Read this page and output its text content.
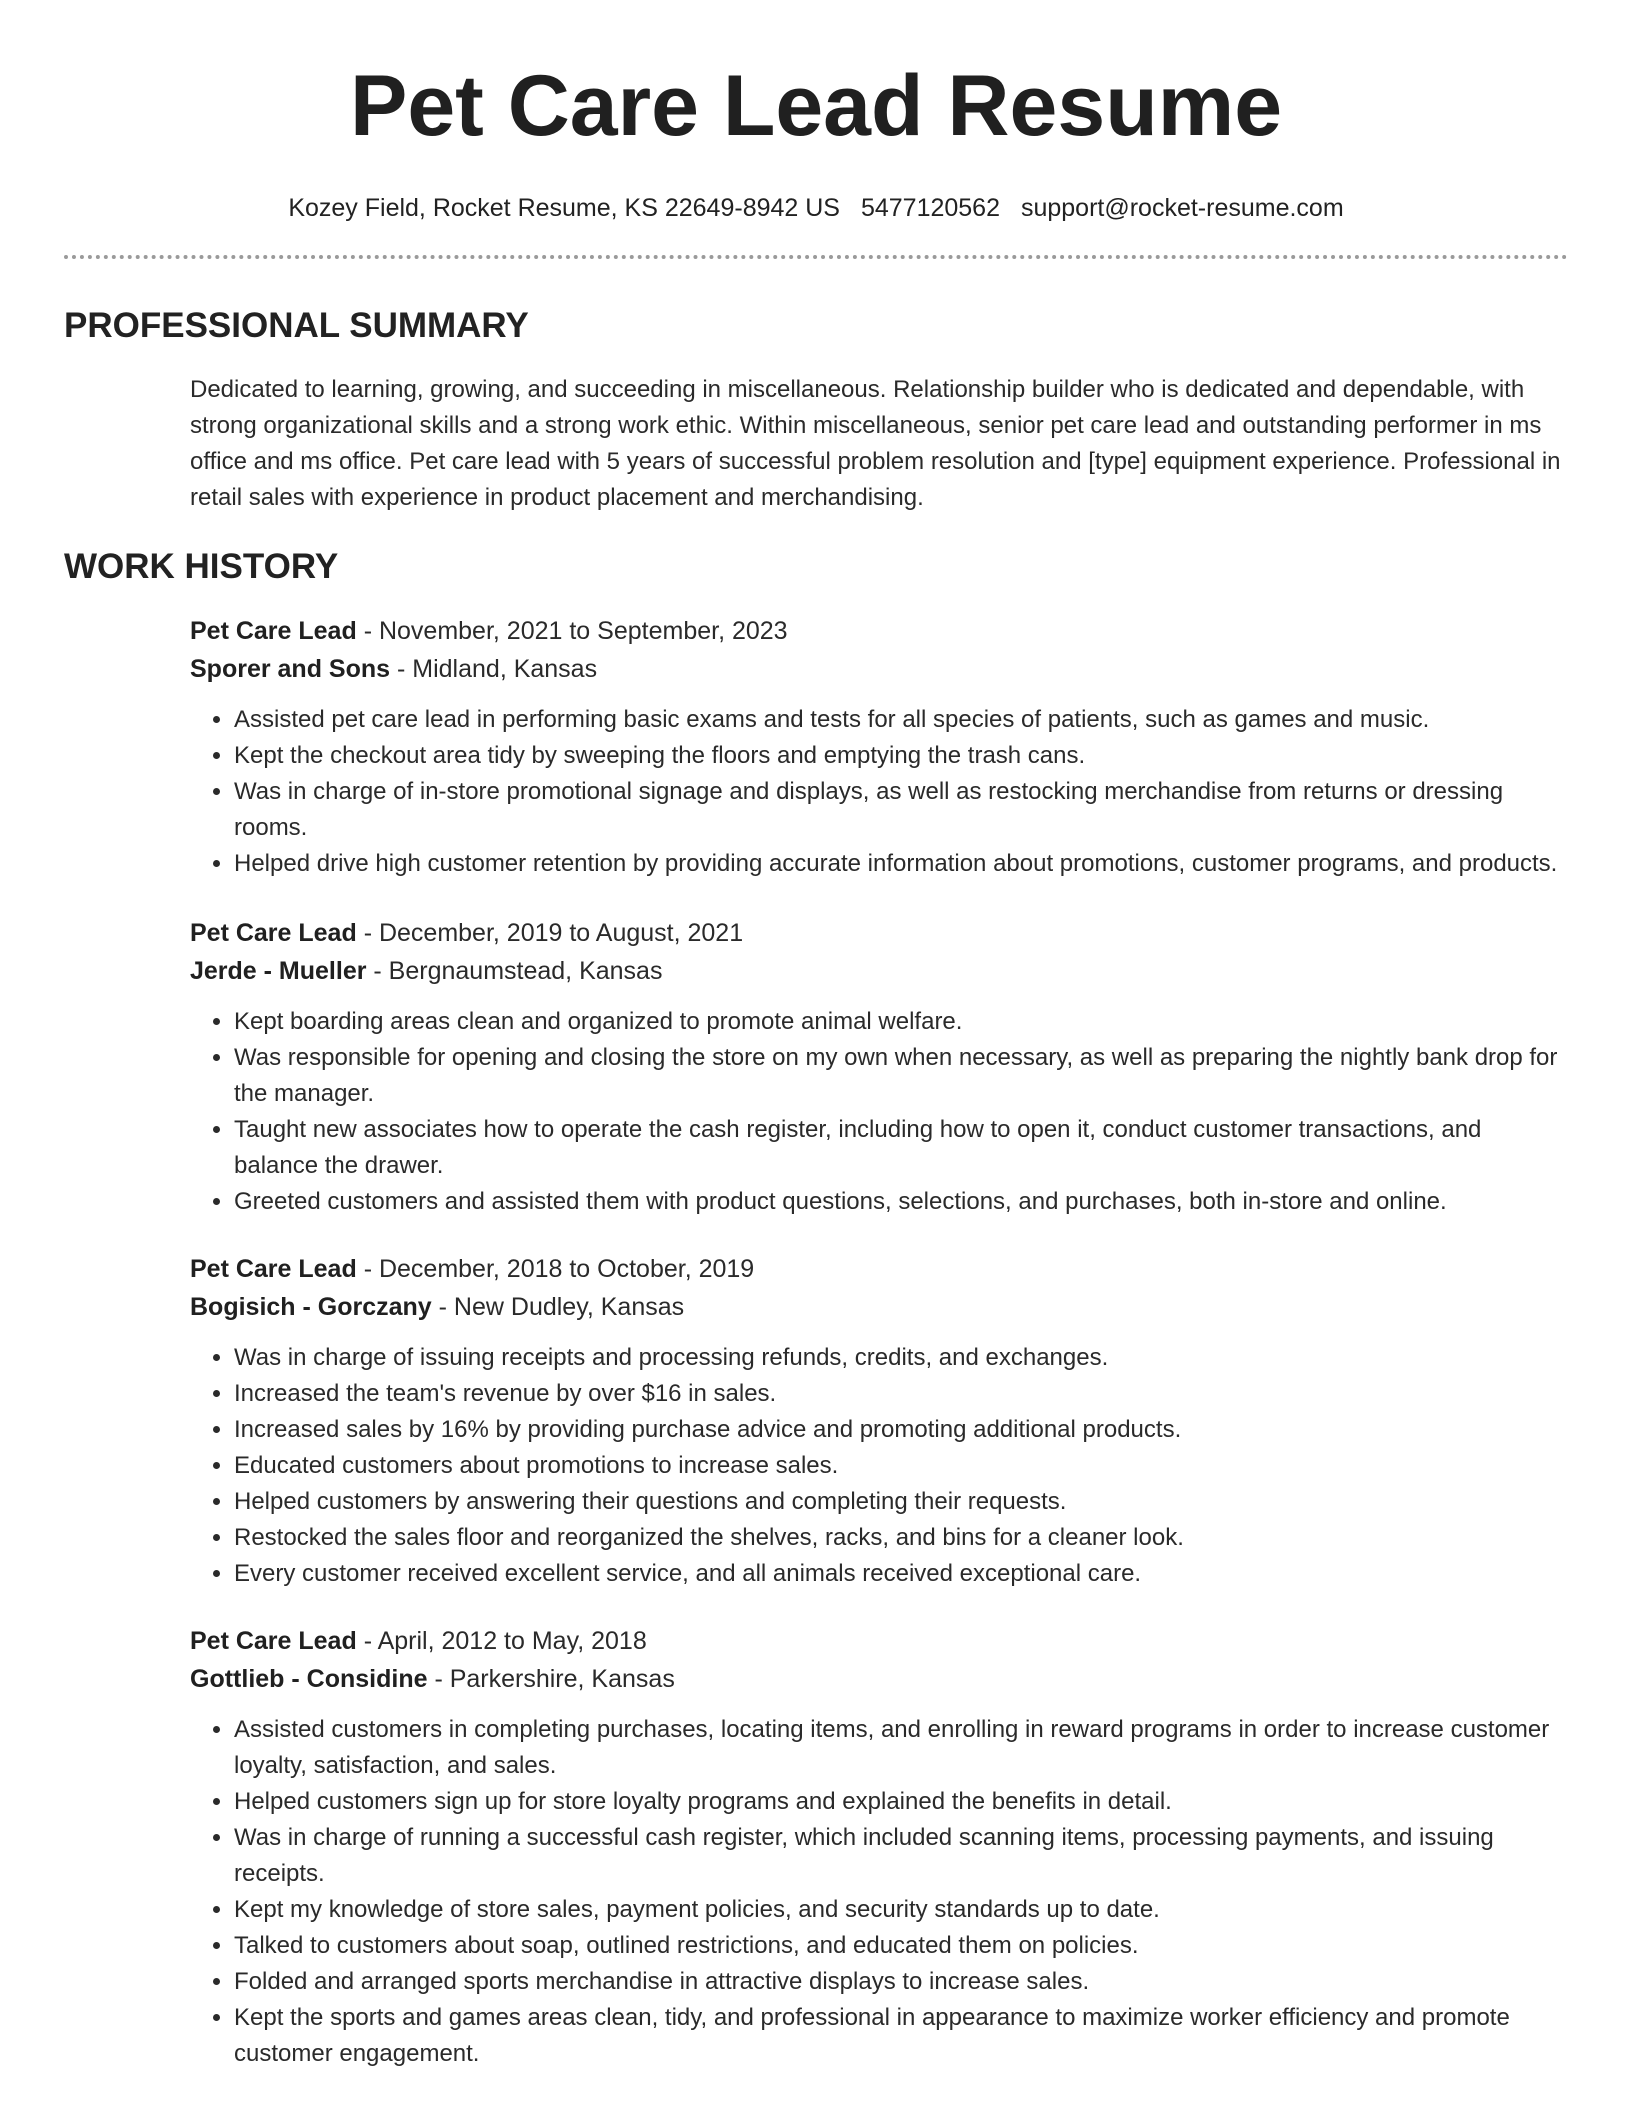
Pet Care Lead Resume
Kozey Field, Rocket Resume, KS 22649-8942 US 5477120562 support@rocket-resume.com
PROFESSIONAL SUMMARY
Dedicated to learning, growing, and succeeding in miscellaneous. Relationship builder who is dedicated and dependable, with strong organizational skills and a strong work ethic. Within miscellaneous, senior pet care lead and outstanding performer in ms office and ms office. Pet care lead with 5 years of successful problem resolution and [type] equipment experience. Professional in retail sales with experience in product placement and merchandising.
WORK HISTORY
Pet Care Lead - November, 2021 to September, 2023
Sporer and Sons - Midland, Kansas
• Assisted pet care lead in performing basic exams and tests for all species of patients, such as games and music.
• Kept the checkout area tidy by sweeping the floors and emptying the trash cans.
• Was in charge of in-store promotional signage and displays, as well as restocking merchandise from returns or dressing rooms.
• Helped drive high customer retention by providing accurate information about promotions, customer programs, and products.
Pet Care Lead - December, 2019 to August, 2021
Jerde - Mueller - Bergnaumstead, Kansas
• Kept boarding areas clean and organized to promote animal welfare.
• Was responsible for opening and closing the store on my own when necessary, as well as preparing the nightly bank drop for the manager.
• Taught new associates how to operate the cash register, including how to open it, conduct customer transactions, and balance the drawer.
• Greeted customers and assisted them with product questions, selections, and purchases, both in-store and online.
Pet Care Lead - December, 2018 to October, 2019
Bogisich - Gorczany - New Dudley, Kansas
• Was in charge of issuing receipts and processing refunds, credits, and exchanges.
• Increased the team's revenue by over $16 in sales.
• Increased sales by 16% by providing purchase advice and promoting additional products.
• Educated customers about promotions to increase sales.
• Helped customers by answering their questions and completing their requests.
• Restocked the sales floor and reorganized the shelves, racks, and bins for a cleaner look.
• Every customer received excellent service, and all animals received exceptional care.
Pet Care Lead - April, 2012 to May, 2018
Gottlieb - Considine - Parkershire, Kansas
• Assisted customers in completing purchases, locating items, and enrolling in reward programs in order to increase customer loyalty, satisfaction, and sales.
• Helped customers sign up for store loyalty programs and explained the benefits in detail.
• Was in charge of running a successful cash register, which included scanning items, processing payments, and issuing receipts.
• Kept my knowledge of store sales, payment policies, and security standards up to date.
• Talked to customers about soap, outlined restrictions, and educated them on policies.
• Folded and arranged sports merchandise in attractive displays to increase sales.
• Kept the sports and games areas clean, tidy, and professional in appearance to maximize worker efficiency and promote customer engagement.
